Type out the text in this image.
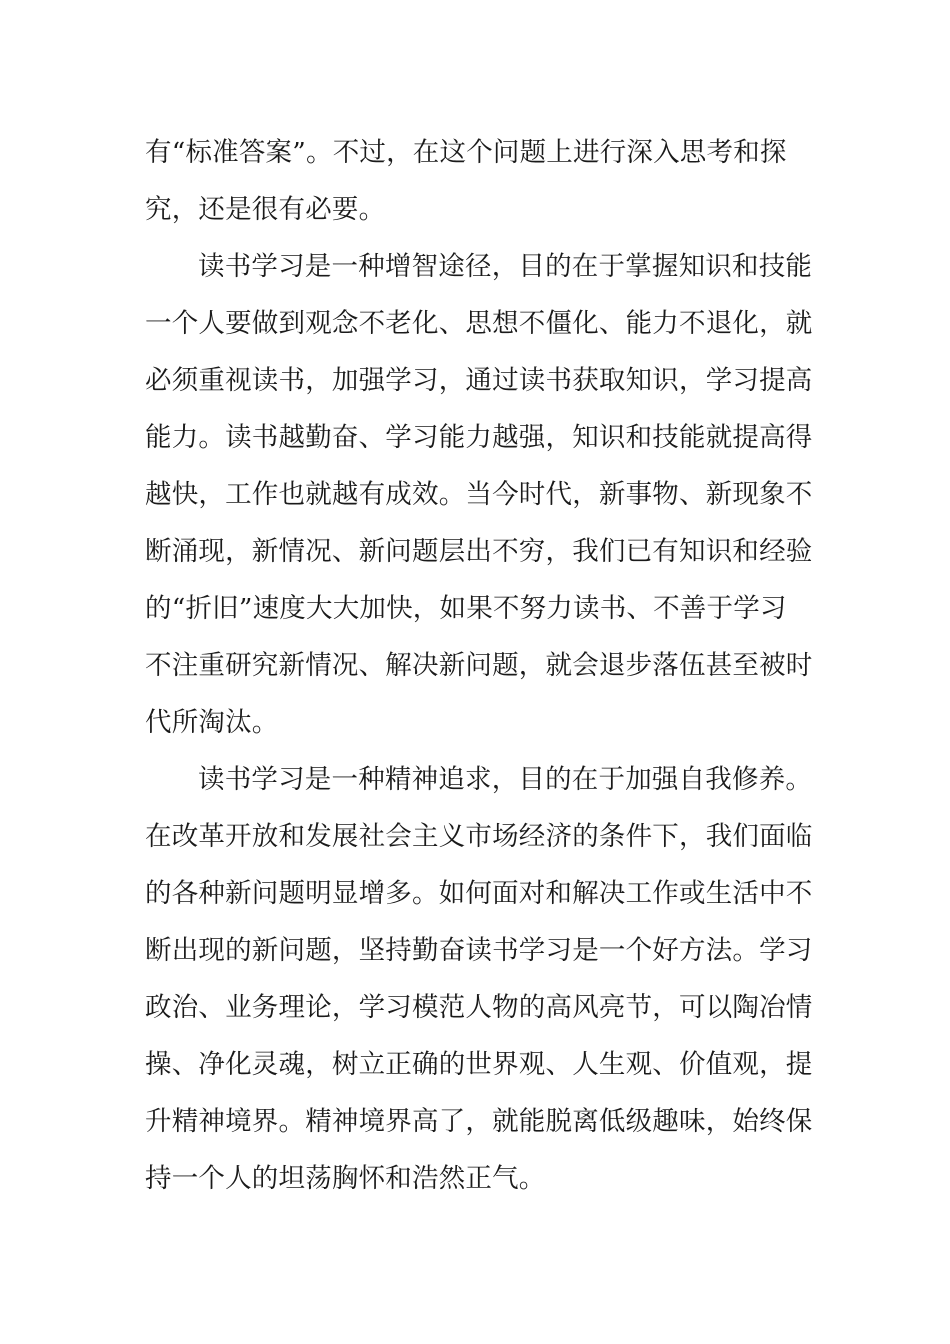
有“标准答案”。不过，在这个问题上进行深入思考和探
究，还是很有必要。
读书学习是一种增智途径，目的在于掌握知识和技能
一个人要做到观念不老化、思想不僵化、能力不退化，就
必须重视读书，加强学习，通过读书获取知识，学习提高
能力。读书越勤奋、学习能力越强，知识和技能就提高得
越快，工作也就越有成效。当今时代，新事物、新现象不
断涌现，新情况、新问题层出不穷，我们已有知识和经验
的“折旧”速度大大加快，如果不努力读书、不善于学习
不注重研究新情况、解决新问题，就会退步落伍甚至被时
代所淘汰。
读书学习是一种精神追求，目的在于加强自我修养。
在改革开放和发展社会主义市场经济的条件下，我们面临
的各种新问题明显增多。如何面对和解决工作或生活中不
断出现的新问题，坚持勤奋读书学习是一个好方法。学习
政治、业务理论，学习模范人物的高风亮节，可以陶冶情
操、净化灵魂，树立正确的世界观、人生观、价值观，提
升精神境界。精神境界高了，就能脱离低级趣味，始终保
持一个人的坦荡胸怀和浩然正气。
